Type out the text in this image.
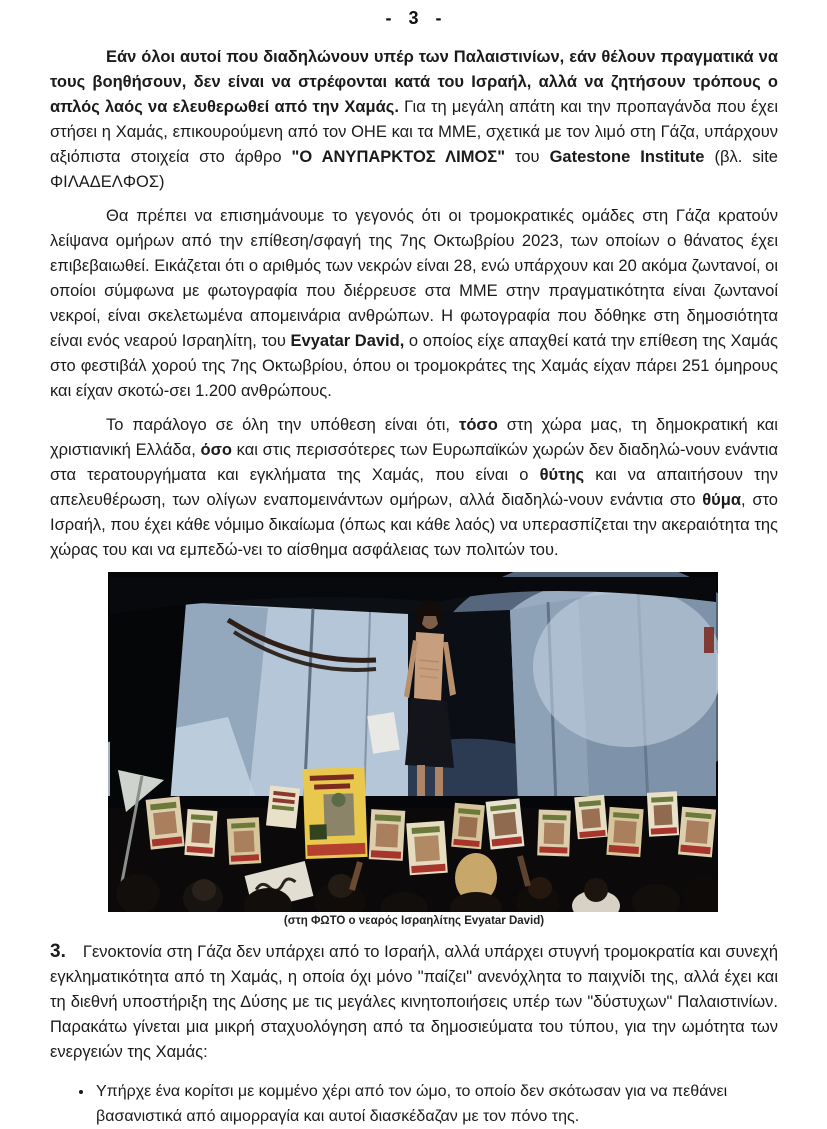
- 3 -

Εάν όλοι αυτοί που διαδηλώνουν υπέρ των Παλαιστινίων, εάν θέλουν πραγματικά να τους βοηθήσουν, δεν είναι να στρέφονται κατά του Ισραήλ, αλλά να ζητήσουν τρόπους ο απλός λαός να ελευθερωθεί από την Χαμάς. Για τη μεγάλη απάτη και την προπαγάνδα που έχει στήσει η Χαμάς, επικουρούμενη από τον ΟΗΕ και τα ΜΜΕ, σχετικά με τον λιμό στη Γάζα, υπάρχουν αξιόπιστα στοιχεία στο άρθρο "Ο ΑΝΥΠΑΡΚΤΟΣ ΛΙΜΟΣ" του Gatestone Institute (βλ. site ΦΙΛΑΔΕΛΦΟΣ)

Θα πρέπει να επισημάνουμε το γεγονός ότι οι τρομοκρατικές ομάδες στη Γάζα κρατούν λείψανα ομήρων από την επίθεση/σφαγή της 7ης Οκτωβρίου 2023, των οποίων ο θάνατος έχει επιβεβαιωθεί. Εικάζεται ότι ο αριθμός των νεκρών είναι 28, ενώ υπάρχουν και 20 ακόμα ζωντανοί, οι οποίοι σύμφωνα με φωτογραφία που διέρρευσε στα ΜΜΕ στην πραγματικότητα είναι ζωντανοί νεκροί, είναι σκελετωμένα απομεινάρια ανθρώπων. Η φωτογραφία που δόθηκε στη δημοσιότητα είναι ενός νεαρού Ισραηλίτη, του Evyatar David, ο οποίος είχε απαχθεί κατά την επίθεση της Χαμάς στο φεστιβάλ χορού της 7ης Οκτωβρίου, όπου οι τρομοκράτες της Χαμάς είχαν πάρει 251 όμηρους και είχαν σκοτώ-σει 1.200 ανθρώπους.

Το παράλογο σε όλη την υπόθεση είναι ότι, τόσο στη χώρα μας, τη δημοκρατική και χριστιανική Ελλάδα, όσο και στις περισσότερες των Ευρωπαϊκών χωρών δεν διαδηλώ-νουν ενάντια στα τερατουργήματα και εγκλήματα της Χαμάς, που είναι ο θύτης και να απαιτήσουν την απελευθέρωση, των ολίγων εναπομεινάντων ομήρων, αλλά διαδηλώ-νουν ενάντια στο θύμα, στο Ισραήλ, που έχει κάθε νόμιμο δικαίωμα (όπως και κάθε λαός) να υπερασπίζεται την ακεραιότητα της χώρας του και να εμπεδώ-νει το αίσθημα ασφάλειας των πολιτών του.

(στη ΦΩΤΟ ο νεαρός Ισραηλίτης Evyatar David)

3. Γενοκτονία στη Γάζα δεν υπάρχει από το Ισραήλ, αλλά υπάρχει στυγνή τρομοκρατία και συνεχή εγκληματικότητα από τη Χαμάς, η οποία όχι μόνο "παίζει" ανενόχλητα το παιχνίδι της, αλλά έχει και τη διεθνή υποστήριξη της Δύσης με τις μεγάλες κινητοποιήσεις υπέρ των "δύστυχων" Παλαιστινίων. Παρακάτω γίνεται μια μικρή σταχυολόγηση από τα δημοσιεύματα του τύπου, για την ωμότητα των ενεργειών της Χαμάς:

• Υπήρχε ένα κορίτσι με κομμένο χέρι από τον ώμο, το οποίο δεν σκότωσαν για να πεθάνει βασανιστικά από αιμορραγία και αυτοί διασκέδαζαν με τον πόνο της.
